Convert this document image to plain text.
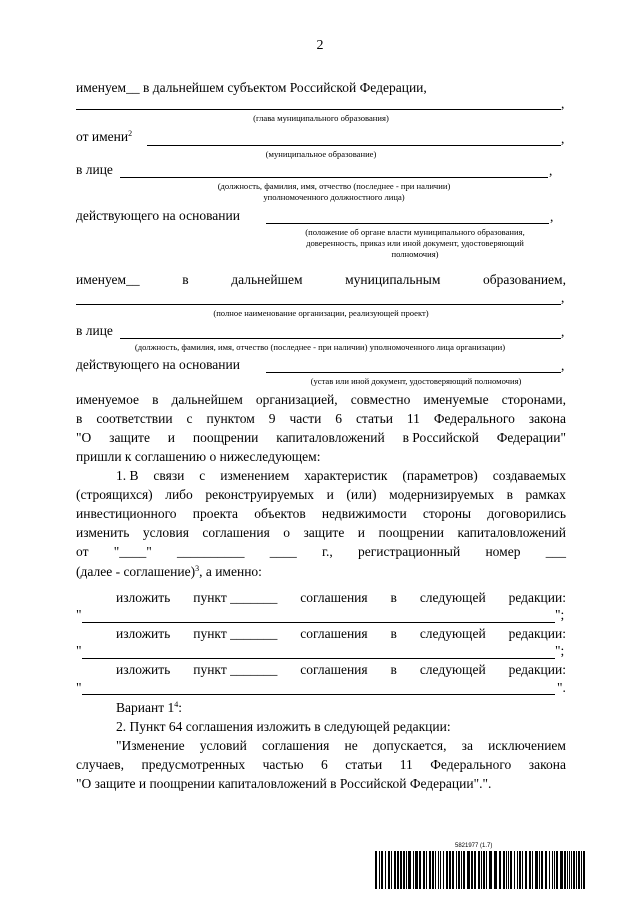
2
именуем__ в дальнейшем субъектом Российской Федерации,
,
(глава муниципального образования)
от имени$^2$	,
(муниципальное образование)
в лице	,
(должность, фамилия, имя, отчество (последнее - при наличии)
уполномоченного должностного лица)
действующего на основании	,
(положение об органе власти муниципального образования,
доверенность, приказ или иной документ, удостоверяющий
полномочия)
именуем__	в	дальнейшем	муниципальным	образованием,
,
(полное наименование организации, реализующей проект)
в лице	,
(должность, фамилия, имя, отчество (последнее - при наличии) уполномоченного лица организации)
действующего на основании	,
(устав или иной документ, удостоверяющий полномочия)
именуемое в дальнейшем организацией, совместно именуемые сторонами,
в соответствии с пунктом 9 части 6 статьи 11 Федерального закона
"О защите и поощрении капиталовложений в Российской Федерации"
пришли к соглашению о нижеследующем:
1. В связи с изменением характеристик (параметров) создаваемых
(строящихся) либо реконструируемых и (или) модернизируемых в рамках
инвестиционного проекта объектов недвижимости стороны договорились
изменить условия соглашения о защите и поощрении капиталовложений
от "____" __________ ____ г., регистрационный номер ___
(далее - соглашение)$^3$, а именно:
изложить пункт _______ соглашения в следующей редакции:
"	";
изложить пункт _______ соглашения в следующей редакции:
"	";
изложить пункт _______ соглашения в следующей редакции:
"	".
Вариант $1^4$:
2. Пункт 64 соглашения изложить в следующей редакции:
"Изменение условий соглашения не допускается, за исключением
случаев, предусмотренных частью 6 статьи 11 Федерального закона
"О защите и поощрении капиталовложений в Российской Федерации".".
5821977 (1.7)
